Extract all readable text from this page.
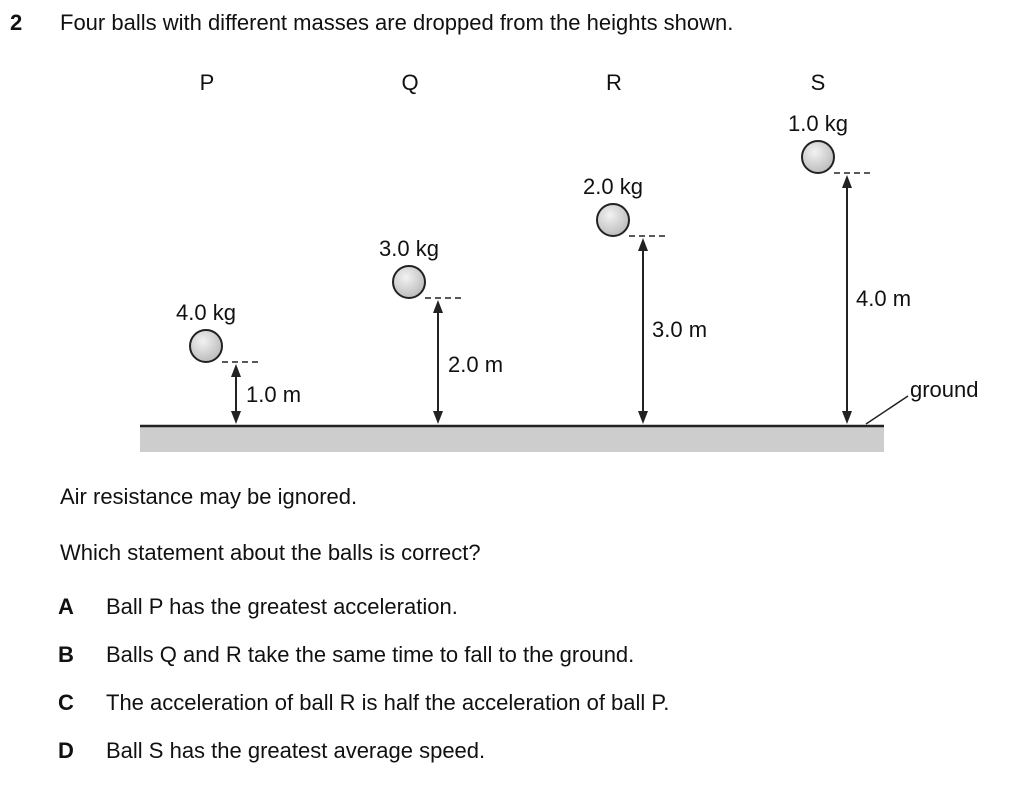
2 Four balls with different masses are dropped from the heights shown.
P	Q	R	S
4.0 kg
3.0 kg
2.0 kg
1.0 kg
1.0 m
2.0 m
3.0 m
4.0 m
ground
Air resistance may be ignored.
Which statement about the balls is correct?
A Ball P has the greatest acceleration.
B Balls Q and R take the same time to fall to the ground.
C The acceleration of ball R is half the acceleration of ball P.
D Ball S has the greatest average speed.
